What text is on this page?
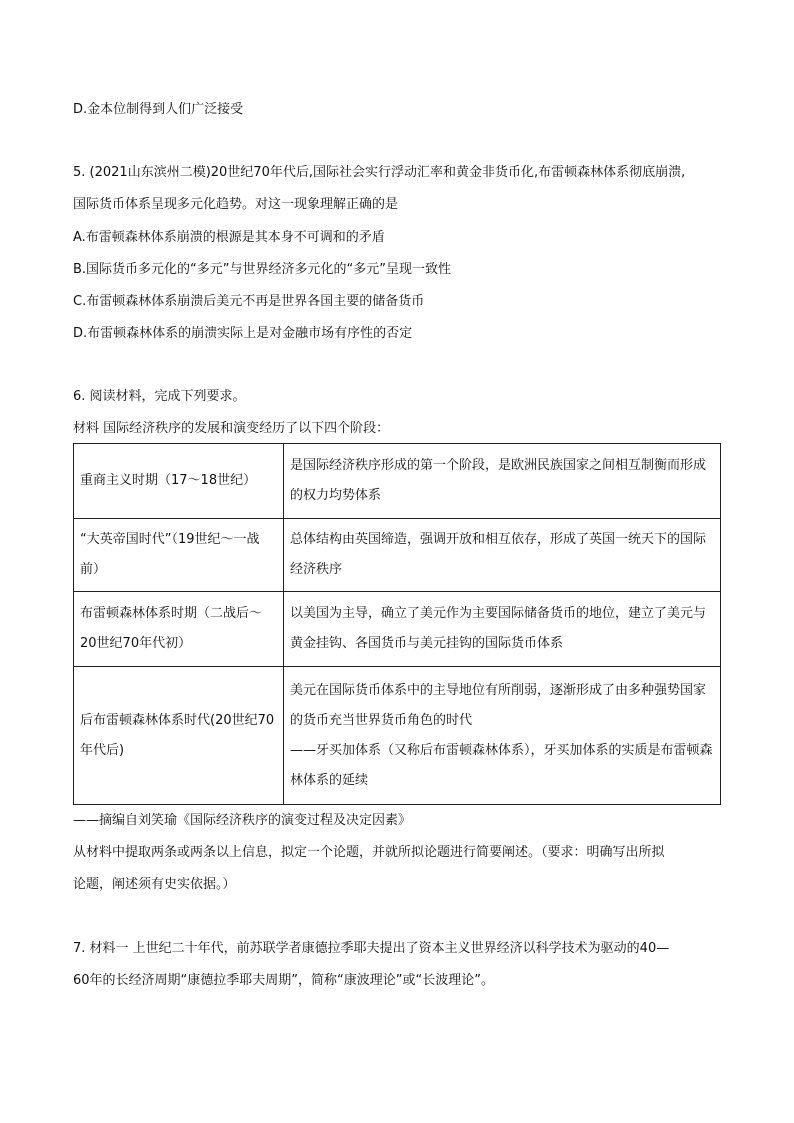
D.金本位制得到人们广泛接受
5. (2021山东滨州二模)20世纪70年代后,国际社会实行浮动汇率和黄金非货币化,布雷顿森林体系彻底崩溃,
国际货币体系呈现多元化趋势。对这一现象理解正确的是
A.布雷顿森林体系崩溃的根源是其本身不可调和的矛盾
B.国际货币多元化的“多元”与世界经济多元化的“多元”呈现一致性
C.布雷顿森林体系崩溃后美元不再是世界各国主要的储备货币
D.布雷顿森林体系的崩溃实际上是对金融市场有序性的否定
6. 阅读材料，完成下列要求。
材料 国际经济秩序的发展和演变经历了以下四个阶段：
重商主义时期（17～18世纪）	是国际经济秩序形成的第一个阶段，是欧洲民族国家之间相互制衡而形成的权力均势体系
“大英帝国时代”（19世纪～一战前）	总体结构由英国缔造，强调开放和相互依存，形成了英国一统天下的国际经济秩序
布雷顿森林体系时期（二战后～20世纪70年代初）	以美国为主导，确立了美元作为主要国际储备货币的地位，建立了美元与黄金挂钩、各国货币与美元挂钩的国际货币体系
后布雷顿森林体系时代(20世纪70年代后)	美元在国际货币体系中的主导地位有所削弱，逐渐形成了由多种强势国家的货币充当世界货币角色的时代
——牙买加体系（又称后布雷顿森林体系），牙买加体系的实质是布雷顿森林体系的延续
——摘编自刘笑瑜《国际经济秩序的演变过程及决定因素》
从材料中提取两条或两条以上信息，拟定一个论题，并就所拟论题进行简要阐述。（要求：明确写出所拟
论题，阐述须有史实依据。）
7. 材料一 上世纪二十年代，前苏联学者康德拉季耶夫提出了资本主义世界经济以科学技术为驱动的40—
60年的长经济周期“康德拉季耶夫周期”，简称“康波理论”或“长波理论”。
